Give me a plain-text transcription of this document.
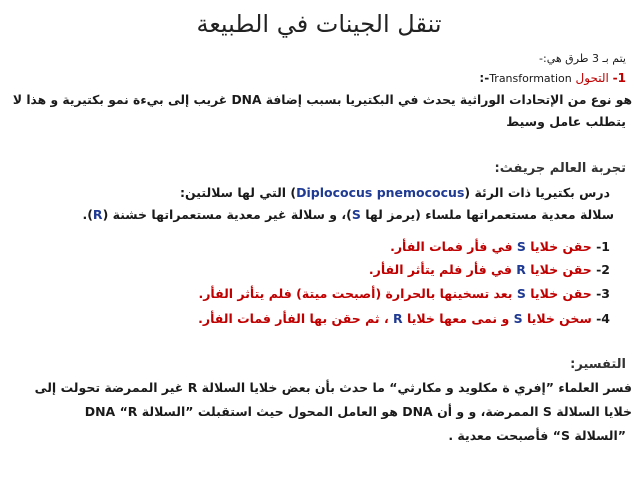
تنقل الجينات في الطبيعة
يتم بـ 3 طرق هي:-
1- التحول Transformation:-
هو نوع من الإتحادات الوراثية يحدث في البكتيريا بسبب إضافة DNA غريب إلى بيءة نمو بكتيرية و هذا لا
يتطلب عامل وسيط
تجربة العالم جريفث:
درس بكتيريا ذات الرئة (Diplococus pnemococus) التي لها سلالتين:
سلالة معدية مستعمراتها ملساء (يرمز لها S)، و سلالة غير معدية مستعمراتها خشنة (R).
1- حقن خلايا S في فأر فمات الفأر.
2- حقن خلايا R في فأر فلم يتأثر الفأر.
3- حقن خلايا S بعد تسخينها بالحرارة (أصبحت ميتة) فلم يتأثر الفأر.
4- سخن خلايا S و نمى معها خلايا R ، ثم حقن بها الفأر فمات الفأر.
التفسير:
فسر العلماء ”إفري ة مكلويد و مكارثي“ ما حدث بأن بعض خلايا السلالة R غير الممرضة تحولت إلى
خلايا السلالة S الممرضة، و و أن DNA هو العامل المحول حيث استقبلت ”السلالة DNA “R
”السلالة S“ فأصبحت معدية .
